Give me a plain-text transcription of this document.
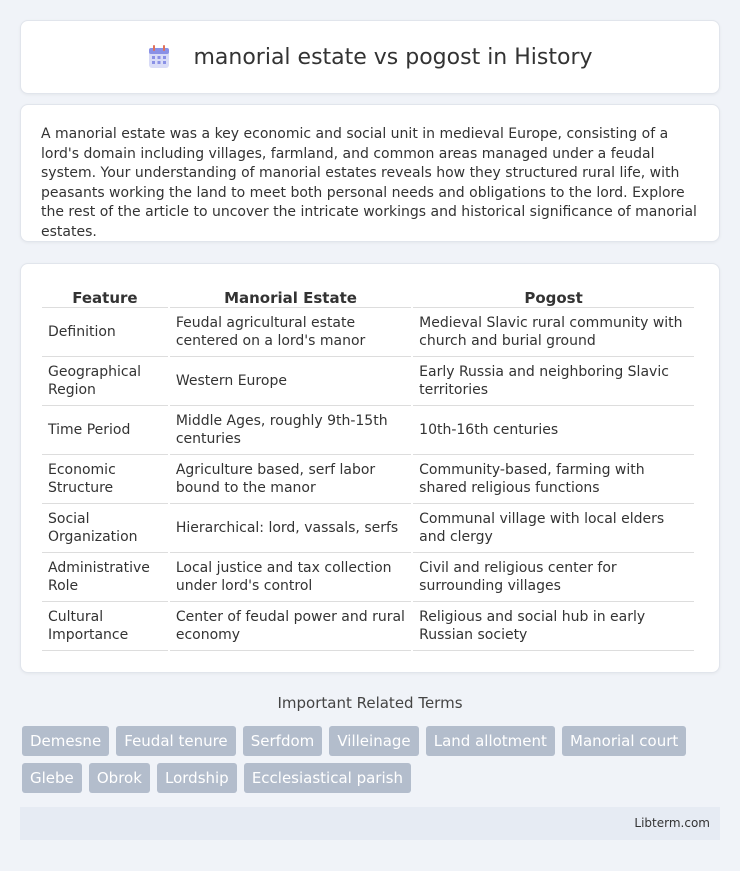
manorial estate vs pogost in History

A manorial estate was a key economic and social unit in medieval Europe, consisting of a lord's domain including villages, farmland, and common areas managed under a feudal system. Your understanding of manorial estates reveals how they structured rural life, with peasants working the land to meet both personal needs and obligations to the lord. Explore the rest of the article to uncover the intricate workings and historical significance of manorial estates.

Feature	Manorial Estate	Pogost
Definition	Feudal agricultural estate centered on a lord's manor	Medieval Slavic rural community with church and burial ground
Geographical Region	Western Europe	Early Russia and neighboring Slavic territories
Time Period	Middle Ages, roughly 9th-15th centuries	10th-16th centuries
Economic Structure	Agriculture based, serf labor bound to the manor	Community-based, farming with shared religious functions
Social Organization	Hierarchical: lord, vassals, serfs	Communal village with local elders and clergy
Administrative Role	Local justice and tax collection under lord's control	Civil and religious center for surrounding villages
Cultural Importance	Center of feudal power and rural economy	Religious and social hub in early Russian society
Important Related Terms
Demesne Feudal tenure Serfdom Villeinage Land allotment Manorial court Glebe Obrok Lordship Ecclesiastical parish
Libterm.com
